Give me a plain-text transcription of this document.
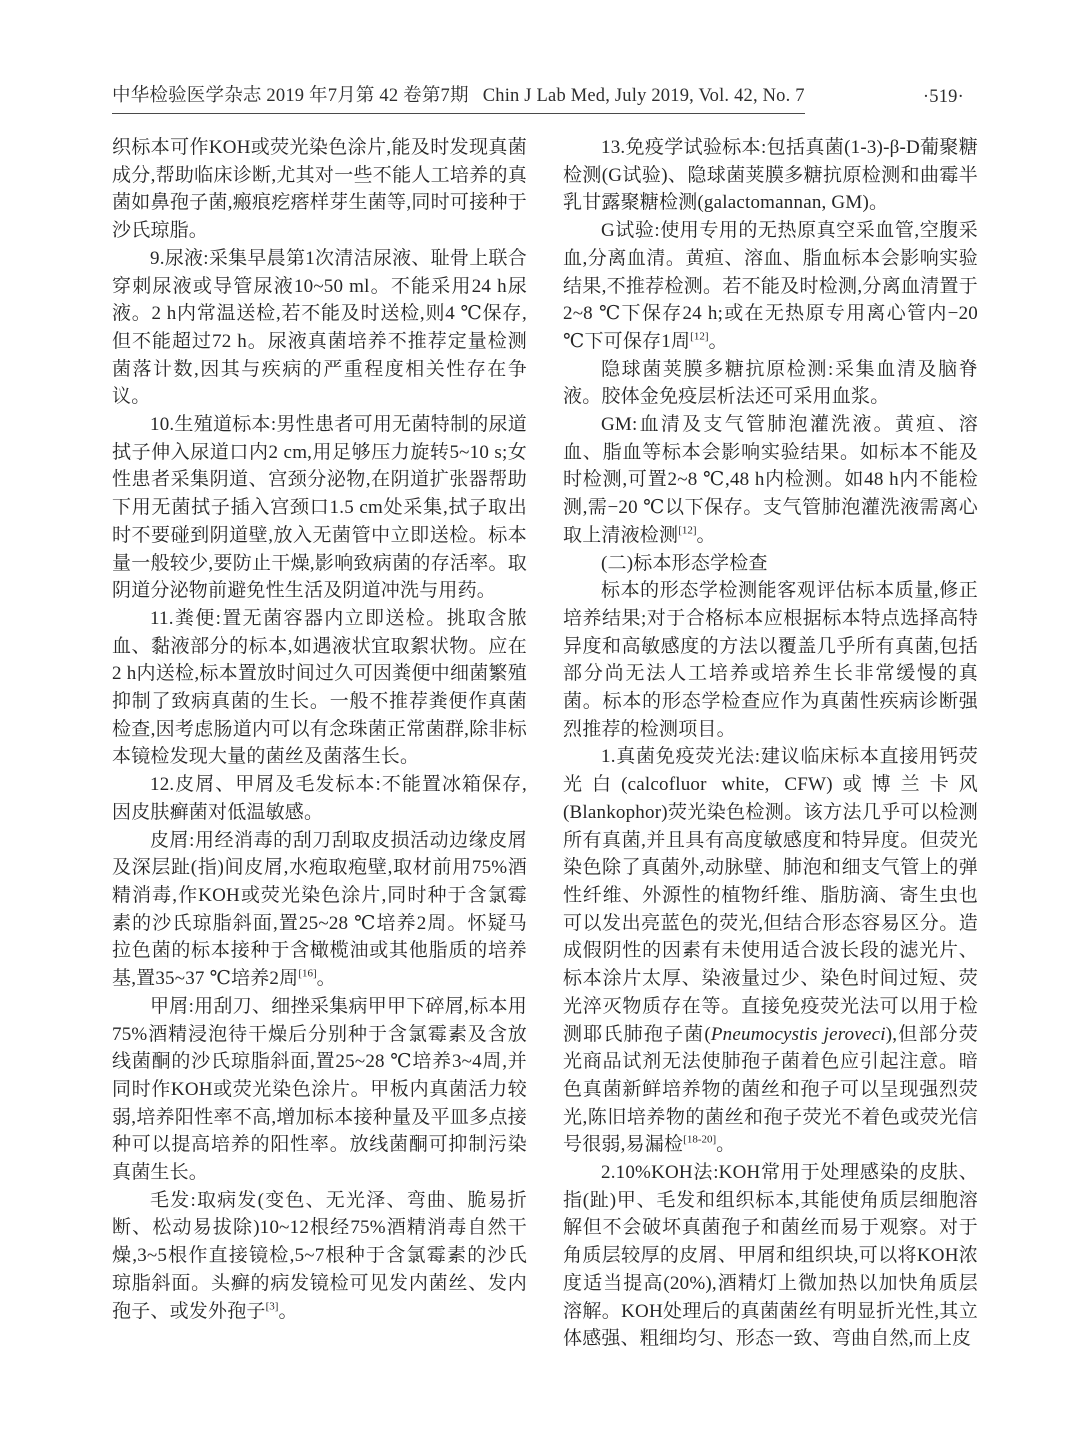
中华检验医学杂志 2019 年7月第 42 卷第7期 Chin J Lab Med, July 2019, Vol. 42, No. 7	·519·

织标本可作KOH或荧光染色涂片,能及时发现真菌成分,帮助临床诊断,尤其对一些不能人工培养的真菌如鼻孢子菌,瘢痕疙瘩样芽生菌等,同时可接种于沙氏琼脂。

9.尿液:采集早晨第1次清洁尿液、耻骨上联合穿刺尿液或导管尿液10~50 ml。不能采用24 h尿液。2 h内常温送检,若不能及时送检,则4 ℃保存,但不能超过72 h。尿液真菌培养不推荐定量检测菌落计数,因其与疾病的严重程度相关性存在争议。

10.生殖道标本:男性患者可用无菌特制的尿道拭子伸入尿道口内2 cm,用足够压力旋转5~10 s;女性患者采集阴道、宫颈分泌物,在阴道扩张器帮助下用无菌拭子插入宫颈口1.5 cm处采集,拭子取出时不要碰到阴道壁,放入无菌管中立即送检。标本量一般较少,要防止干燥,影响致病菌的存活率。取阴道分泌物前避免性生活及阴道冲洗与用药。

11.粪便:置无菌容器内立即送检。挑取含脓血、黏液部分的标本,如遇液状宜取絮状物。应在2 h内送检,标本置放时间过久可因粪便中细菌繁殖抑制了致病真菌的生长。一般不推荐粪便作真菌检查,因考虑肠道内可以有念珠菌正常菌群,除非标本镜检发现大量的菌丝及菌落生长。

12.皮屑、甲屑及毛发标本:不能置冰箱保存,因皮肤癣菌对低温敏感。

皮屑:用经消毒的刮刀刮取皮损活动边缘皮屑及深层趾(指)间皮屑,水疱取疱壁,取材前用75%酒精消毒,作KOH或荧光染色涂片,同时种于含氯霉素的沙氏琼脂斜面,置25~28 ℃培养2周。怀疑马拉色菌的标本接种于含橄榄油或其他脂质的培养基,置35~37 ℃培养2周[16]。

甲屑:用刮刀、细挫采集病甲甲下碎屑,标本用75%酒精浸泡待干燥后分别种于含氯霉素及含放线菌酮的沙氏琼脂斜面,置25~28 ℃培养3~4周,并同时作KOH或荧光染色涂片。甲板内真菌活力较弱,培养阳性率不高,增加标本接种量及平皿多点接种可以提高培养的阳性率。放线菌酮可抑制污染真菌生长。

毛发:取病发(变色、无光泽、弯曲、脆易折断、松动易拔除)10~12根经75%酒精消毒自然干燥,3~5根作直接镜检,5~7根种于含氯霉素的沙氏琼脂斜面。头癣的病发镜检可见发内菌丝、发内孢子、或发外孢子[3]。

13.免疫学试验标本:包括真菌(1-3)-β-D葡聚糖检测(G试验)、隐球菌荚膜多糖抗原检测和曲霉半乳甘露聚糖检测(galactomannan, GM)。

G试验:使用专用的无热原真空采血管,空腹采血,分离血清。黄疸、溶血、脂血标本会影响实验结果,不推荐检测。若不能及时检测,分离血清置于2~8 ℃下保存24 h;或在无热原专用离心管内−20 ℃下可保存1周[12]。

隐球菌荚膜多糖抗原检测:采集血清及脑脊液。胶体金免疫层析法还可采用血浆。

GM:血清及支气管肺泡灌洗液。黄疸、溶血、脂血等标本会影响实验结果。如标本不能及时检测,可置2~8 ℃,48 h内检测。如48 h内不能检测,需−20 ℃以下保存。支气管肺泡灌洗液需离心取上清液检测[12]。

(二)标本形态学检查

标本的形态学检测能客观评估标本质量,修正培养结果;对于合格标本应根据标本特点选择高特异度和高敏感度的方法以覆盖几乎所有真菌,包括部分尚无法人工培养或培养生长非常缓慢的真菌。标本的形态学检查应作为真菌性疾病诊断强烈推荐的检测项目。

1.真菌免疫荧光法:建议临床标本直接用钙荧光白(calcofluor white, CFW)或博兰卡风(Blankophor)荧光染色检测。该方法几乎可以检测所有真菌,并且具有高度敏感度和特异度。但荧光染色除了真菌外,动脉壁、肺泡和细支气管上的弹性纤维、外源性的植物纤维、脂肪滴、寄生虫也可以发出亮蓝色的荧光,但结合形态容易区分。造成假阴性的因素有未使用适合波长段的滤光片、标本涂片太厚、染液量过少、染色时间过短、荧光淬灭物质存在等。直接免疫荧光法可以用于检测耶氏肺孢子菌(Pneumocystis jeroveci),但部分荧光商品试剂无法使肺孢子菌着色应引起注意。暗色真菌新鲜培养物的菌丝和孢子可以呈现强烈荧光,陈旧培养物的菌丝和孢子荧光不着色或荧光信号很弱,易漏检[18-20]。

2.10%KOH法:KOH常用于处理感染的皮肤、指(趾)甲、毛发和组织标本,其能使角质层细胞溶解但不会破坏真菌孢子和菌丝而易于观察。对于角质层较厚的皮屑、甲屑和组织块,可以将KOH浓度适当提高(20%),酒精灯上微加热以加快角质层溶解。KOH处理后的真菌菌丝有明显折光性,其立体感强、粗细均匀、形态一致、弯曲自然,而上皮
